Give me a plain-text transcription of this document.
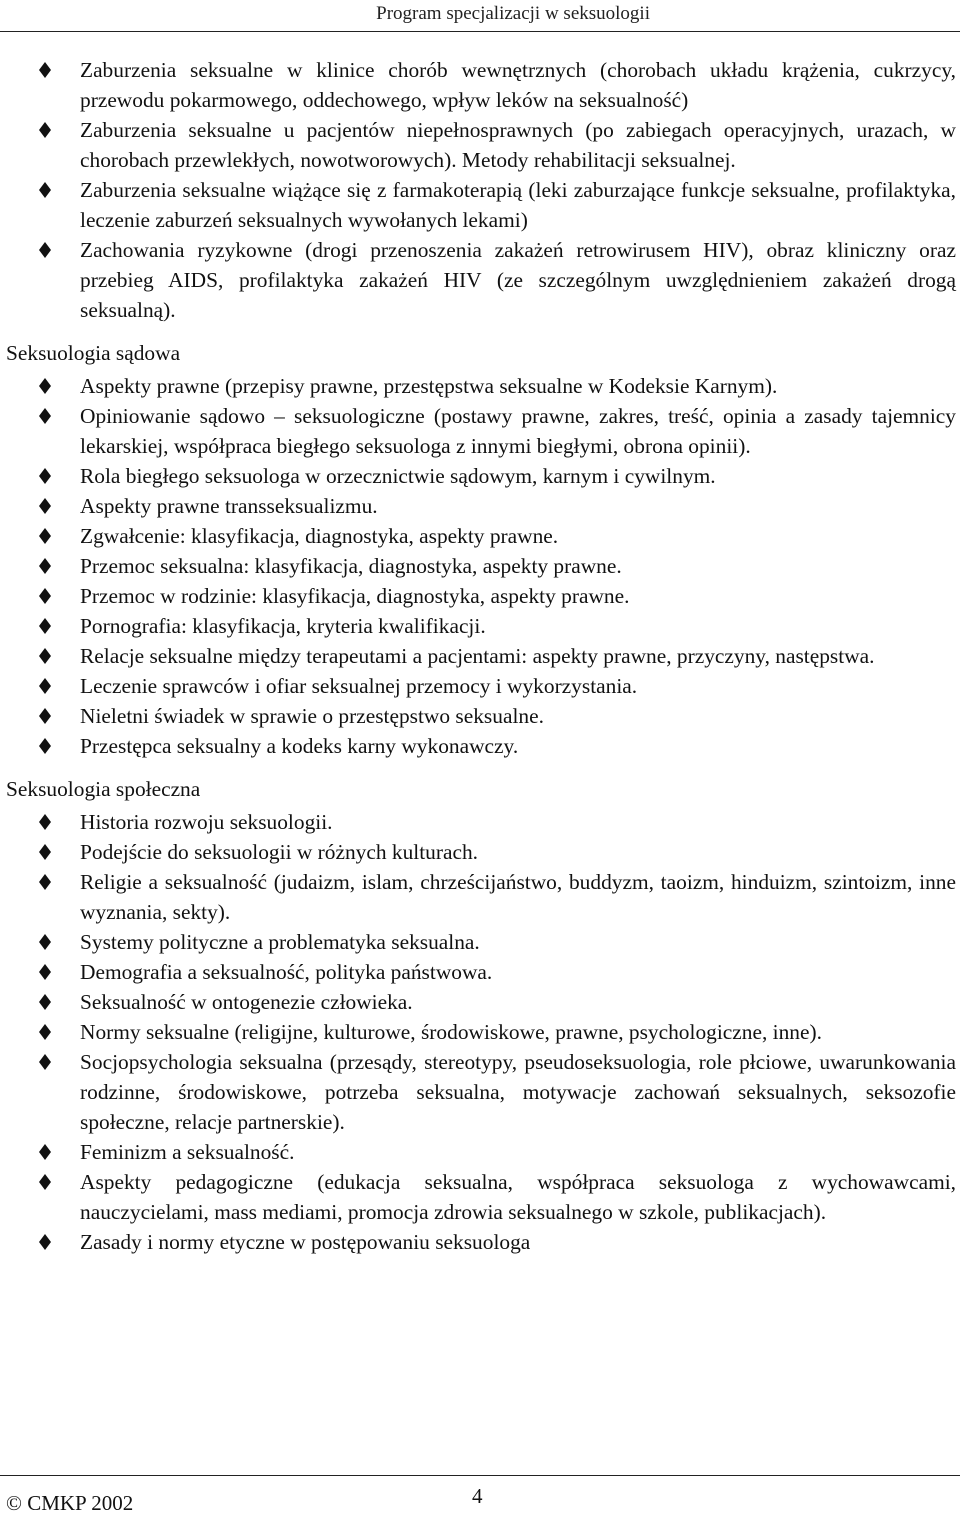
Program specjalizacji w seksuologii
Zaburzenia seksualne w klinice chorób wewnętrznych (chorobach układu krążenia, cukrzycy, przewodu pokarmowego, oddechowego, wpływ leków na seksualność)
Zaburzenia seksualne u pacjentów niepełnosprawnych (po zabiegach operacyjnych, urazach, w chorobach przewlekłych, nowotworowych). Metody rehabilitacji seksualnej.
Zaburzenia seksualne wiążące się z farmakoterapią (leki zaburzające funkcje seksualne, profilaktyka, leczenie zaburzeń seksualnych wywołanych lekami)
Zachowania ryzykowne (drogi przenoszenia zakażeń retrowirusem HIV), obraz kliniczny oraz przebieg AIDS, profilaktyka zakażeń HIV (ze szczególnym uwzględnieniem zakażeń drogą seksualną).
Seksuologia sądowa
Aspekty prawne (przepisy prawne, przestępstwa seksualne w Kodeksie Karnym).
Opiniowanie sądowo – seksuologiczne (postawy prawne, zakres, treść, opinia a zasady tajemnicy lekarskiej, współpraca biegłego seksuologa z innymi biegłymi, obrona opinii).
Rola biegłego seksuologa w orzecznictwie sądowym, karnym i cywilnym.
Aspekty prawne transseksualizmu.
Zgwałcenie: klasyfikacja, diagnostyka, aspekty prawne.
Przemoc seksualna: klasyfikacja, diagnostyka, aspekty prawne.
Przemoc w rodzinie: klasyfikacja, diagnostyka, aspekty prawne.
Pornografia: klasyfikacja, kryteria kwalifikacji.
Relacje seksualne między terapeutami a pacjentami: aspekty prawne, przyczyny, następstwa.
Leczenie sprawców i ofiar seksualnej przemocy i wykorzystania.
Nieletni świadek w sprawie o przestępstwo seksualne.
Przestępca seksualny a kodeks karny wykonawczy.
Seksuologia społeczna
Historia rozwoju seksuologii.
Podejście do seksuologii w różnych kulturach.
Religie a seksualność (judaizm, islam, chrześcijaństwo, buddyzm, taoizm, hinduizm, szintoizm, inne wyznania, sekty).
Systemy polityczne a problematyka seksualna.
Demografia a seksualność, polityka państwowa.
Seksualność w ontogenezie człowieka.
Normy seksualne (religijne, kulturowe, środowiskowe, prawne, psychologiczne, inne).
Socjopsychologia seksualna (przesądy, stereotypy, pseudoseksuologia, role płciowe, uwarunkowania rodzinne, środowiskowe, potrzeba seksualna, motywacje zachowań seksualnych, seksozofie społeczne, relacje partnerskie).
Feminizm a seksualność.
Aspekty pedagogiczne (edukacja seksualna, współpraca seksuologa z wychowawcami, nauczycielami, mass mediami, promocja zdrowia seksualnego w szkole, publikacjach).
Zasady i normy etyczne w postępowaniu seksuologa
© CMKP 2002	4
